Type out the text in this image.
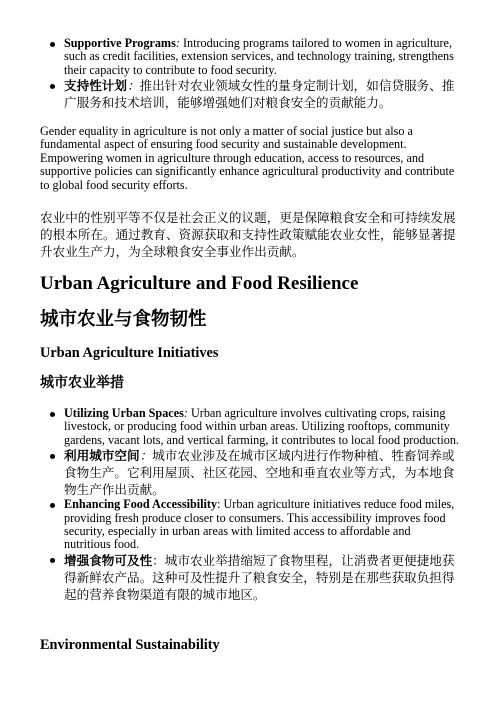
Supportive Programs: Introducing programs tailored to women in agriculture, such as credit facilities, extension services, and technology training, strengthens their capacity to contribute to food security.
支持性计划：推出针对农业领域女性的量身定制计划，如信贷服务、推广服务和技术培训，能够增强她们对粮食安全的贡献能力。

Gender equality in agriculture is not only a matter of social justice but also a fundamental aspect of ensuring food security and sustainable development. Empowering women in agriculture through education, access to resources, and supportive policies can significantly enhance agricultural productivity and contribute to global food security efforts.

农业中的性别平等不仅是社会正义的议题，更是保障粮食安全和可持续发展的根本所在。通过教育、资源获取和支持性政策赋能农业女性，能够显著提升农业生产力，为全球粮食安全事业作出贡献。

Urban Agriculture and Food Resilience
城市农业与食物韧性
Urban Agriculture Initiatives
城市农业举措
Utilizing Urban Spaces: Urban agriculture involves cultivating crops, raising livestock, or producing food within urban areas. Utilizing rooftops, community gardens, vacant lots, and vertical farming, it contributes to local food production.
利用城市空间：城市农业涉及在城市区域内进行作物种植、牲畜饲养或食物生产。它利用屋顶、社区花园、空地和垂直农业等方式，为本地食物生产作出贡献。
Enhancing Food Accessibility: Urban agriculture initiatives reduce food miles, providing fresh produce closer to consumers. This accessibility improves food security, especially in urban areas with limited access to affordable and nutritious food.
增强食物可及性：城市农业举措缩短了食物里程，让消费者更便捷地获得新鲜农产品。这种可及性提升了粮食安全，特别是在那些获取负担得起的营养食物渠道有限的城市地区。
Environmental Sustainability
